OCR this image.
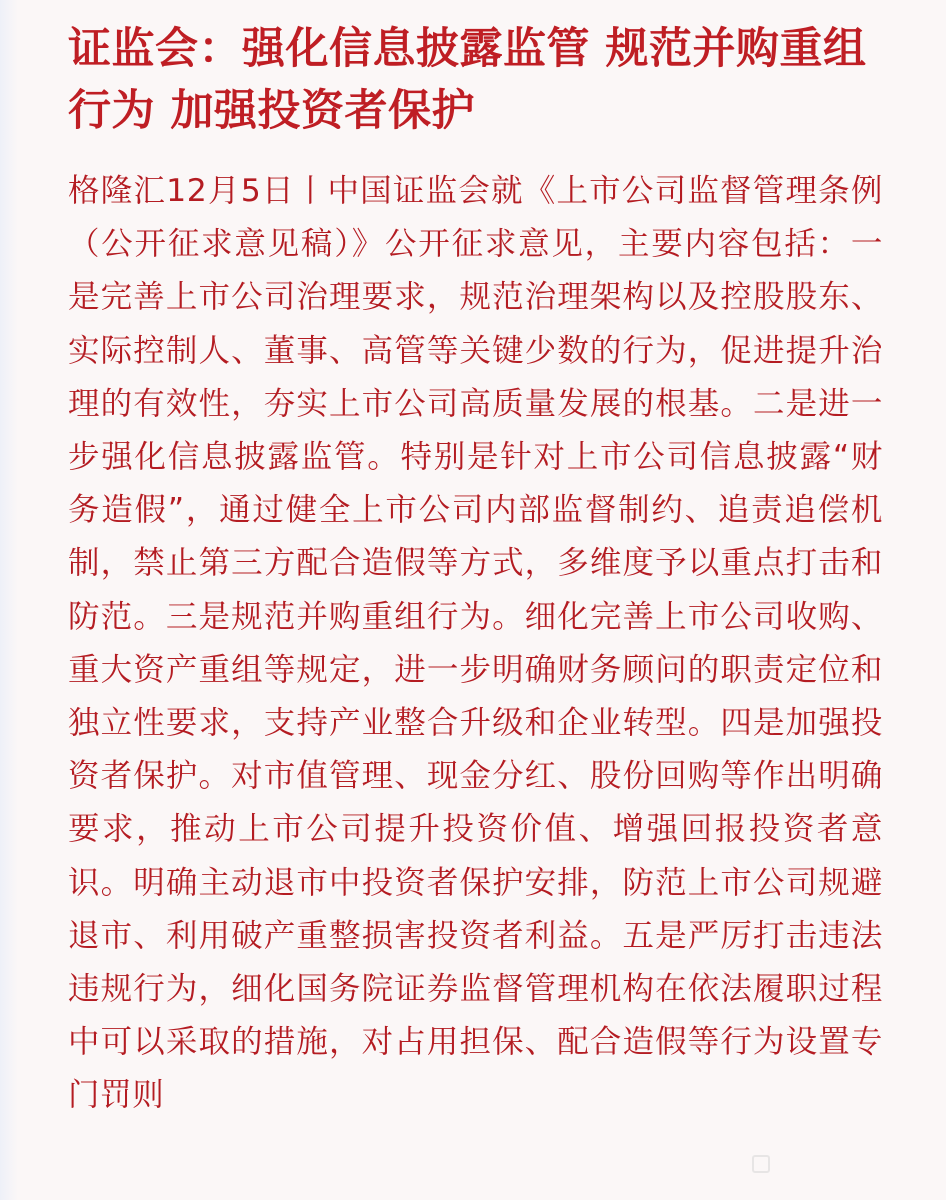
证监会：强化信息披露监管 规范并购重组行为 加强投资者保护

格隆汇12月5日丨中国证监会就《上市公司监督管理条例（公开征求意见稿）》公开征求意见，主要内容包括：一是完善上市公司治理要求，规范治理架构以及控股股东、实际控制人、董事、高管等关键少数的行为，促进提升治理的有效性，夯实上市公司高质量发展的根基。二是进一步强化信息披露监管。特别是针对上市公司信息披露“财务造假”，通过健全上市公司内部监督制约、追责追偿机制，禁止第三方配合造假等方式，多维度予以重点打击和防范。三是规范并购重组行为。细化完善上市公司收购、重大资产重组等规定，进一步明确财务顾问的职责定位和独立性要求，支持产业整合升级和企业转型。四是加强投资者保护。对市值管理、现金分红、股份回购等作出明确要求，推动上市公司提升投资价值、增强回报投资者意识。明确主动退市中投资者保护安排，防范上市公司规避退市、利用破产重整损害投资者利益。五是严厉打击违法违规行为，细化国务院证券监督管理机构在依法履职过程中可以采取的措施，对占用担保、配合造假等行为设置专门罚则
